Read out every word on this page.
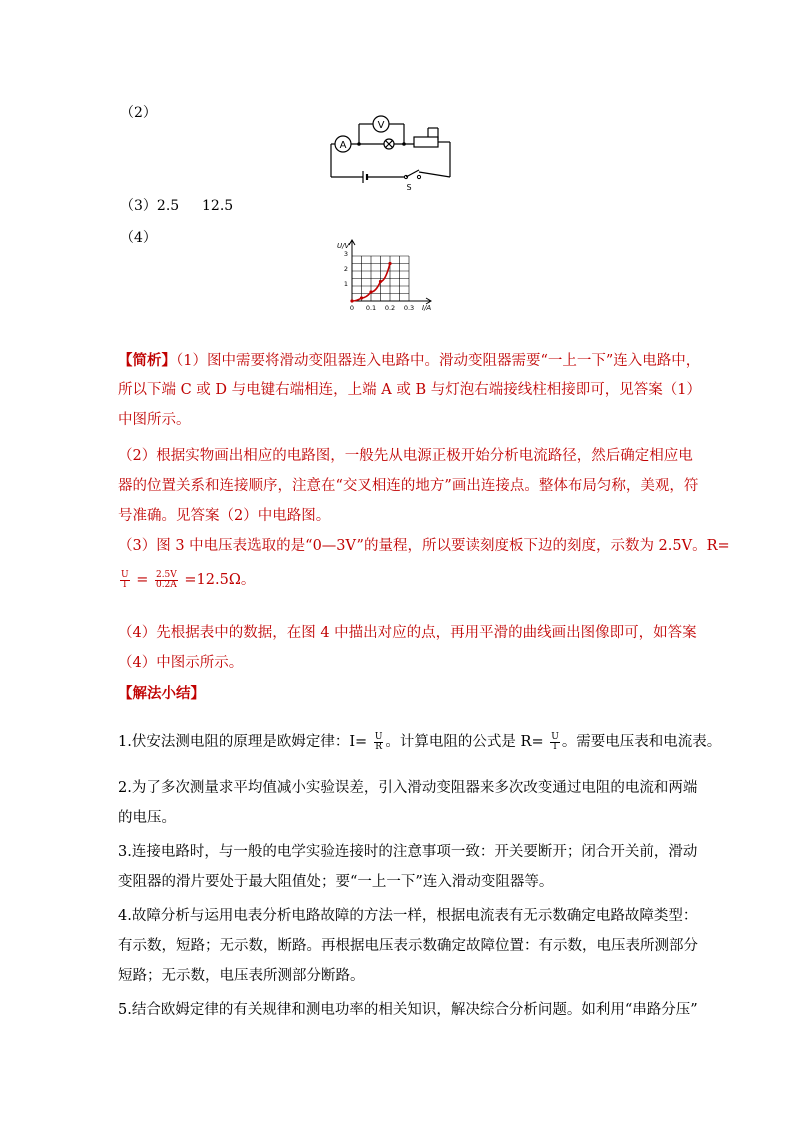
（2）
A
V
S
（3）2.5 12.5
（4）	U/V
I/A
1
2
3
0 0.1 0.2 0.3
【简析】（1）图中需要将滑动变阻器连入电路中。滑动变阻器需要“一上一下”连入电路中，
所以下端 C 或 D 与电键右端相连，上端 A 或 B 与灯泡右端接线柱相接即可，见答案（1）
中图所示。
（2）根据实物画出相应的电路图，一般先从电源正极开始分析电流路径，然后确定相应电
器的位置关系和连接顺序，注意在“交叉相连的地方”画出连接点。整体布局匀称，美观，符
号准确。见答案（2）中电路图。
（3）图 3 中电压表选取的是“0—3V”的量程，所以要读刻度板下边的刻度，示数为 2.5V。R=
$\frac{U}{I} = \frac{2.5V}{0.2A} =12.5\Omega$。
（4）先根据表中的数据，在图 4 中描出对应的点，再用平滑的曲线画出图像即可，如答案
（4）中图示所示。
【解法小结】
1.伏安法测电阻的原理是欧姆定律：$I= \frac{U}{R}$ 。计算电阻的公式是 $R= \frac{U}{I}$ 。需要电压表和电流表。
2.为了多次测量求平均值减小实验误差，引入滑动变阻器来多次改变通过电阻的电流和两端
的电压。
3.连接电路时，与一般的电学实验连接时的注意事项一致：开关要断开；闭合开关前，滑动
变阻器的滑片要处于最大阻值处；要“一上一下”连入滑动变阻器等。
4.故障分析与运用电表分析电路故障的方法一样，根据电流表有无示数确定电路故障类型：
有示数，短路；无示数，断路。再根据电压表示数确定故障位置：有示数，电压表所测部分
短路；无示数，电压表所测部分断路。
5.结合欧姆定律的有关规律和测电功率的相关知识，解决综合分析问题。如利用“串路分压”
